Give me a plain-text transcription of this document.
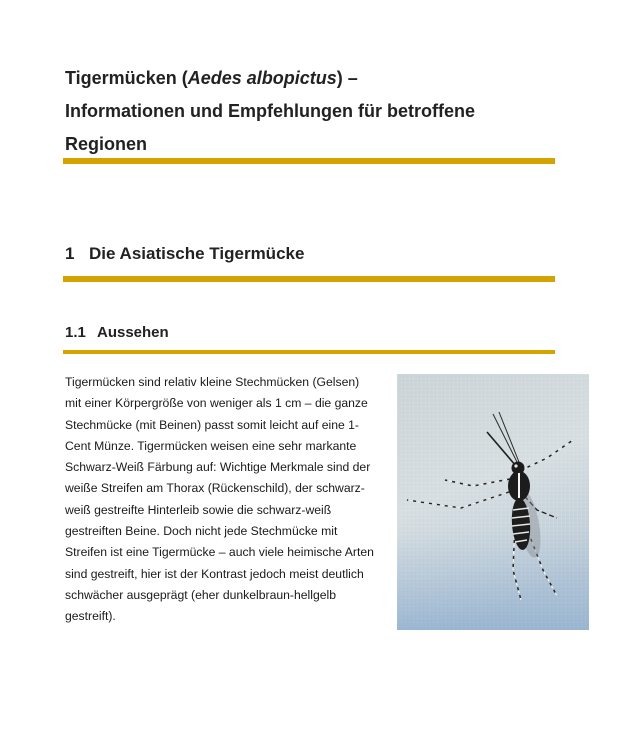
Tigermücken (Aedes albopictus) –
Informationen und Empfehlungen für betroffene
Regionen
1 Die Asiatische Tigermücke
1.1 Aussehen
Tigermücken sind relativ kleine Stechmücken (Gelsen)
mit einer Körpergröße von weniger als 1 cm – die ganze
Stechmücke (mit Beinen) passt somit leicht auf eine 1-
Cent Münze. Tigermücken weisen eine sehr markante
Schwarz-Weiß Färbung auf: Wichtige Merkmale sind der
weiße Streifen am Thorax (Rückenschild), der schwarz-
weiß gestreifte Hinterleib sowie die schwarz-weiß
gestreiften Beine. Doch nicht jede Stechmücke mit
Streifen ist eine Tigermücke – auch viele heimische Arten
sind gestreift, hier ist der Kontrast jedoch meist deutlich
schwächer ausgeprägt (eher dunkelbraun-hellgelb
gestreift).
